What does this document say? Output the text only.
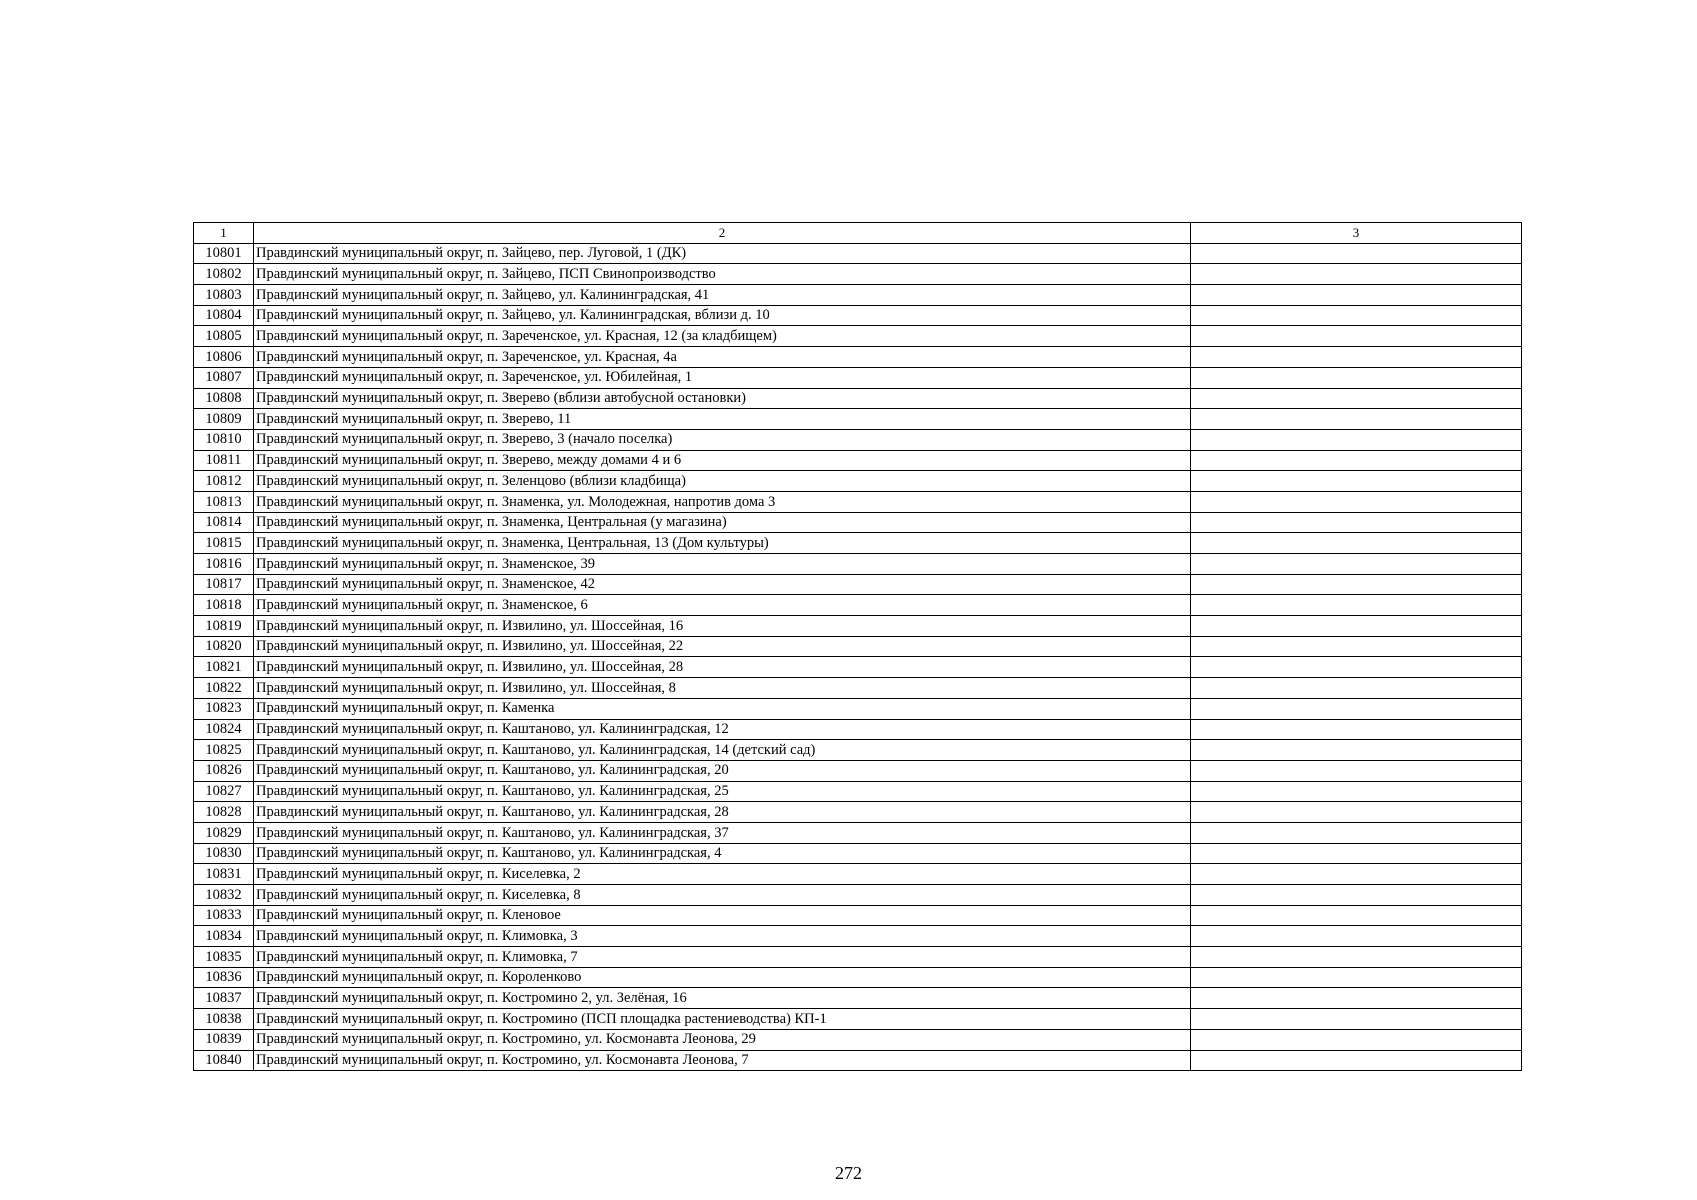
1	2	3
10801	Правдинский муниципальный округ, п. Зайцево, пер. Луговой, 1 (ДК)	
10802	Правдинский муниципальный округ, п. Зайцево, ПСП Свинопроизводство	
10803	Правдинский муниципальный округ, п. Зайцево, ул. Калининградская, 41	
10804	Правдинский муниципальный округ, п. Зайцево, ул. Калининградская, вблизи д. 10	
10805	Правдинский муниципальный округ, п. Зареченское, ул. Красная, 12 (за кладбищем)	
10806	Правдинский муниципальный округ, п. Зареченское, ул. Красная, 4а	
10807	Правдинский муниципальный округ, п. Зареченское, ул. Юбилейная, 1	
10808	Правдинский муниципальный округ, п. Зверево (вблизи автобусной остановки)	
10809	Правдинский муниципальный округ, п. Зверево, 11	
10810	Правдинский муниципальный округ, п. Зверево, 3 (начало поселка)	
10811	Правдинский муниципальный округ, п. Зверево, между домами 4 и 6	
10812	Правдинский муниципальный округ, п. Зеленцово (вблизи кладбища)	
10813	Правдинский муниципальный округ, п. Знаменка, ул. Молодежная, напротив дома 3	
10814	Правдинский муниципальный округ, п. Знаменка, Центральная (у магазина)	
10815	Правдинский муниципальный округ, п. Знаменка, Центральная, 13 (Дом культуры)	
10816	Правдинский муниципальный округ, п. Знаменское, 39	
10817	Правдинский муниципальный округ, п. Знаменское, 42	
10818	Правдинский муниципальный округ, п. Знаменское, 6	
10819	Правдинский муниципальный округ, п. Извилино, ул. Шоссейная, 16	
10820	Правдинский муниципальный округ, п. Извилино, ул. Шоссейная, 22	
10821	Правдинский муниципальный округ, п. Извилино, ул. Шоссейная, 28	
10822	Правдинский муниципальный округ, п. Извилино, ул. Шоссейная, 8	
10823	Правдинский муниципальный округ, п. Каменка	
10824	Правдинский муниципальный округ, п. Каштаново, ул. Калининградская, 12	
10825	Правдинский муниципальный округ, п. Каштаново, ул. Калининградская, 14 (детский сад)	
10826	Правдинский муниципальный округ, п. Каштаново, ул. Калининградская, 20	
10827	Правдинский муниципальный округ, п. Каштаново, ул. Калининградская, 25	
10828	Правдинский муниципальный округ, п. Каштаново, ул. Калининградская, 28	
10829	Правдинский муниципальный округ, п. Каштаново, ул. Калининградская, 37	
10830	Правдинский муниципальный округ, п. Каштаново, ул. Калининградская, 4	
10831	Правдинский муниципальный округ, п. Киселевка, 2	
10832	Правдинский муниципальный округ, п. Киселевка, 8	
10833	Правдинский муниципальный округ, п. Кленовое	
10834	Правдинский муниципальный округ, п. Климовка, 3	
10835	Правдинский муниципальный округ, п. Климовка, 7	
10836	Правдинский муниципальный округ, п. Короленково	
10837	Правдинский муниципальный округ, п. Костромино 2, ул. Зелёная, 16	
10838	Правдинский муниципальный округ, п. Костромино (ПСП площадка растениеводства) КП-1	
10839	Правдинский муниципальный округ, п. Костромино, ул. Космонавта Леонова, 29	
10840	Правдинский муниципальный округ, п. Костромино, ул. Космонавта Леонова, 7	
272
